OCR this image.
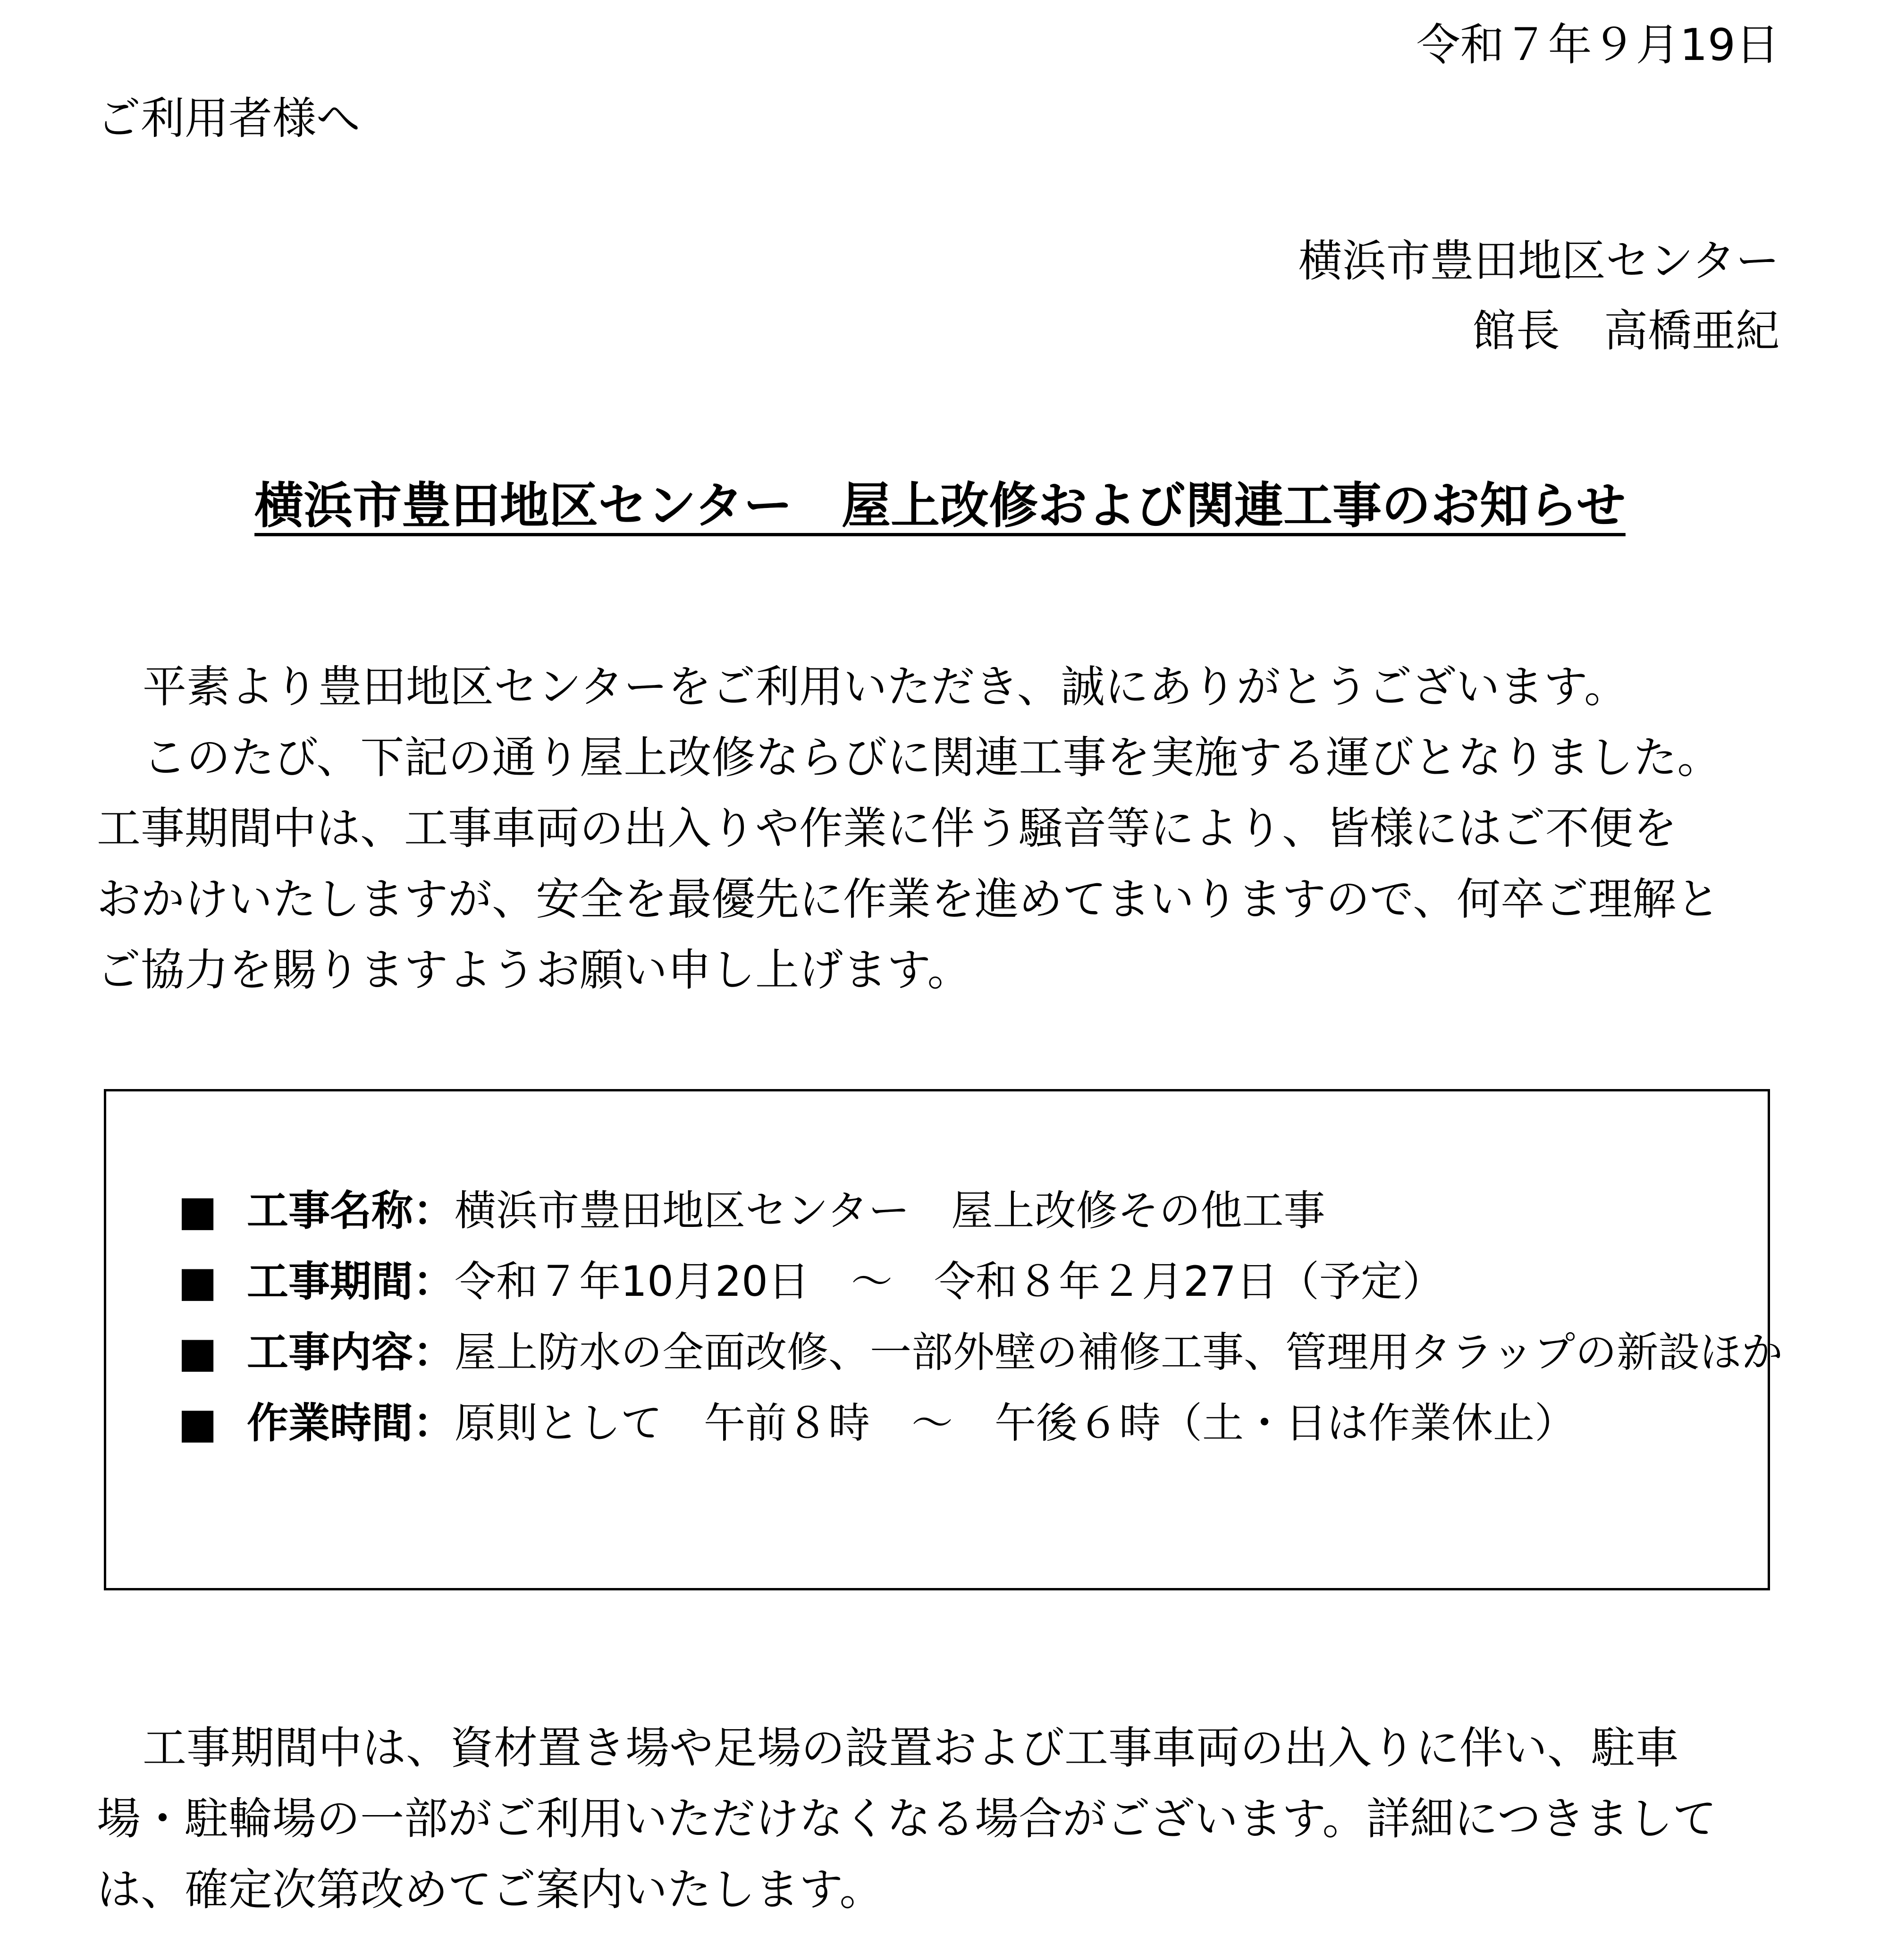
令和７年９月19日
ご利用者様へ
横浜市豊田地区センター
館長　高橋亜紀
横浜市豊田地区センター　屋上改修および関連工事のお知らせ

平素より豊田地区センターをご利用いただき、誠にありがとうございます。

このたび、下記の通り屋上改修ならびに関連工事を実施する運びとなりました。

工事期間中は、工事車両の出入りや作業に伴う騒音等により、皆様にはご不便を

おかけいたしますが、安全を最優先に作業を進めてまいりますので、何卒ご理解と

ご協力を賜りますようお願い申し上げます。

■ 工事名称：横浜市豊田地区センター　屋上改修その他工事
■ 工事期間：令和７年10月20日　～　令和８年２月27日（予定）
■ 工事内容：屋上防水の全面改修、一部外壁の補修工事、管理用タラップの新設ほか
■ 作業時間：原則として　午前８時　～　午後６時（土・日は作業休止）

工事期間中は、資材置き場や足場の設置および工事車両の出入りに伴い、駐車

場・駐輪場の一部がご利用いただけなくなる場合がございます。詳細につきまして

は、確定次第改めてご案内いたします。
